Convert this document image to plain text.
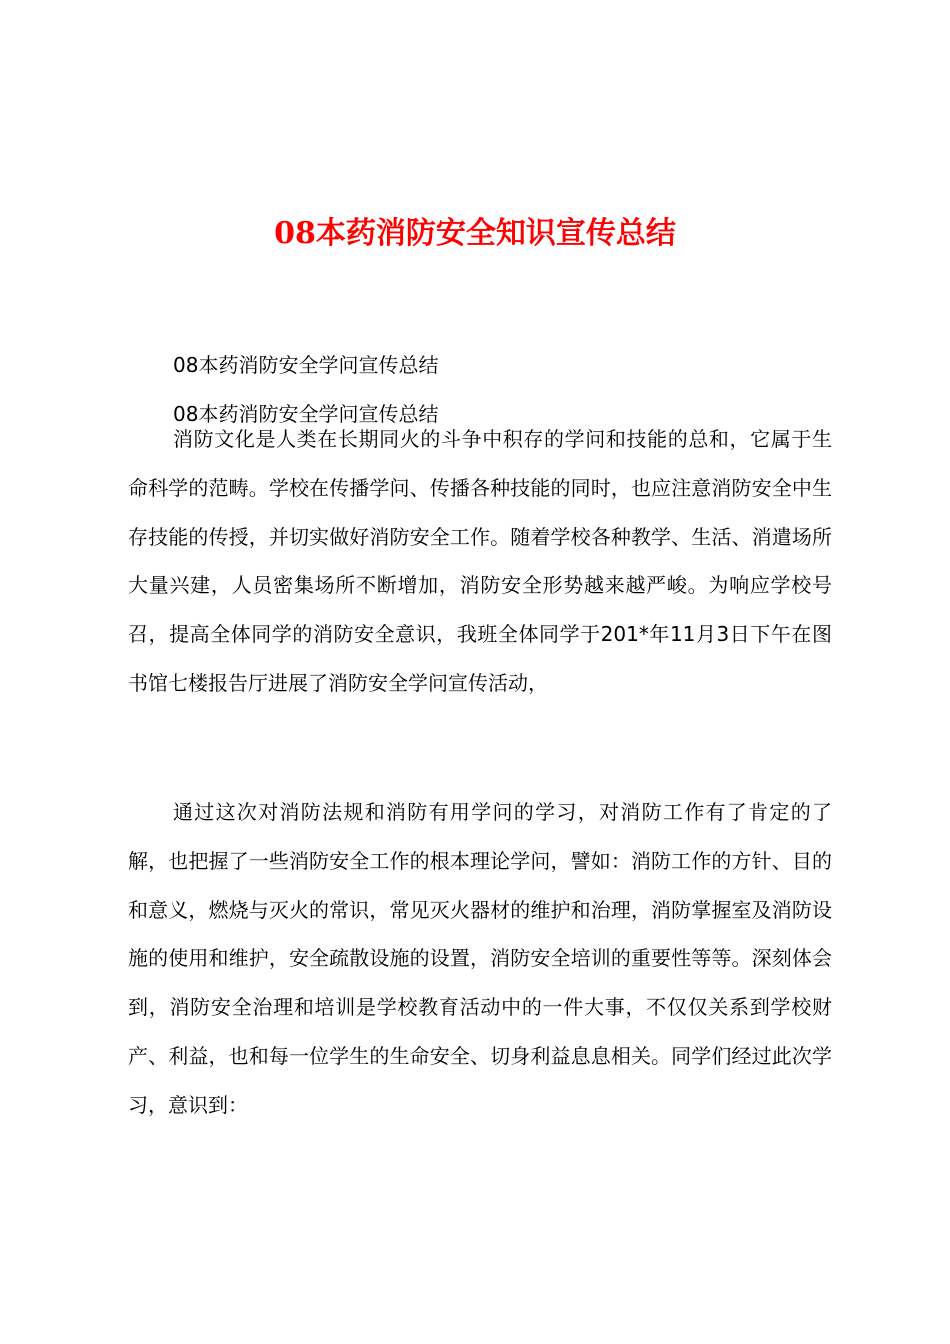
08本药消防安全知识宣传总结

08本药消防安全学问宣传总结

08本药消防安全学问宣传总结

消防文化是人类在长期同火的斗争中积存的学问和技能的总和，它属于生命科学的范畴。学校在传播学问、传播各种技能的同时，也应注意消防安全中生存技能的传授，并切实做好消防安全工作。随着学校各种教学、生活、消遣场所大量兴建，人员密集场所不断增加，消防安全形势越来越严峻。为响应学校号召，提高全体同学的消防安全意识，我班全体同学于201*年11月3日下午在图书馆七楼报告厅进展了消防安全学问宣传活动，

通过这次对消防法规和消防有用学问的学习，对消防工作有了肯定的了解，也把握了一些消防安全工作的根本理论学问，譬如：消防工作的方针、目的和意义，燃烧与灭火的常识，常见灭火器材的维护和治理，消防掌握室及消防设施的使用和维护，安全疏散设施的设置，消防安全培训的重要性等等。深刻体会到，消防安全治理和培训是学校教育活动中的一件大事，不仅仅关系到学校财产、利益，也和每一位学生的生命安全、切身利益息息相关。同学们经过此次学习，意识到：
